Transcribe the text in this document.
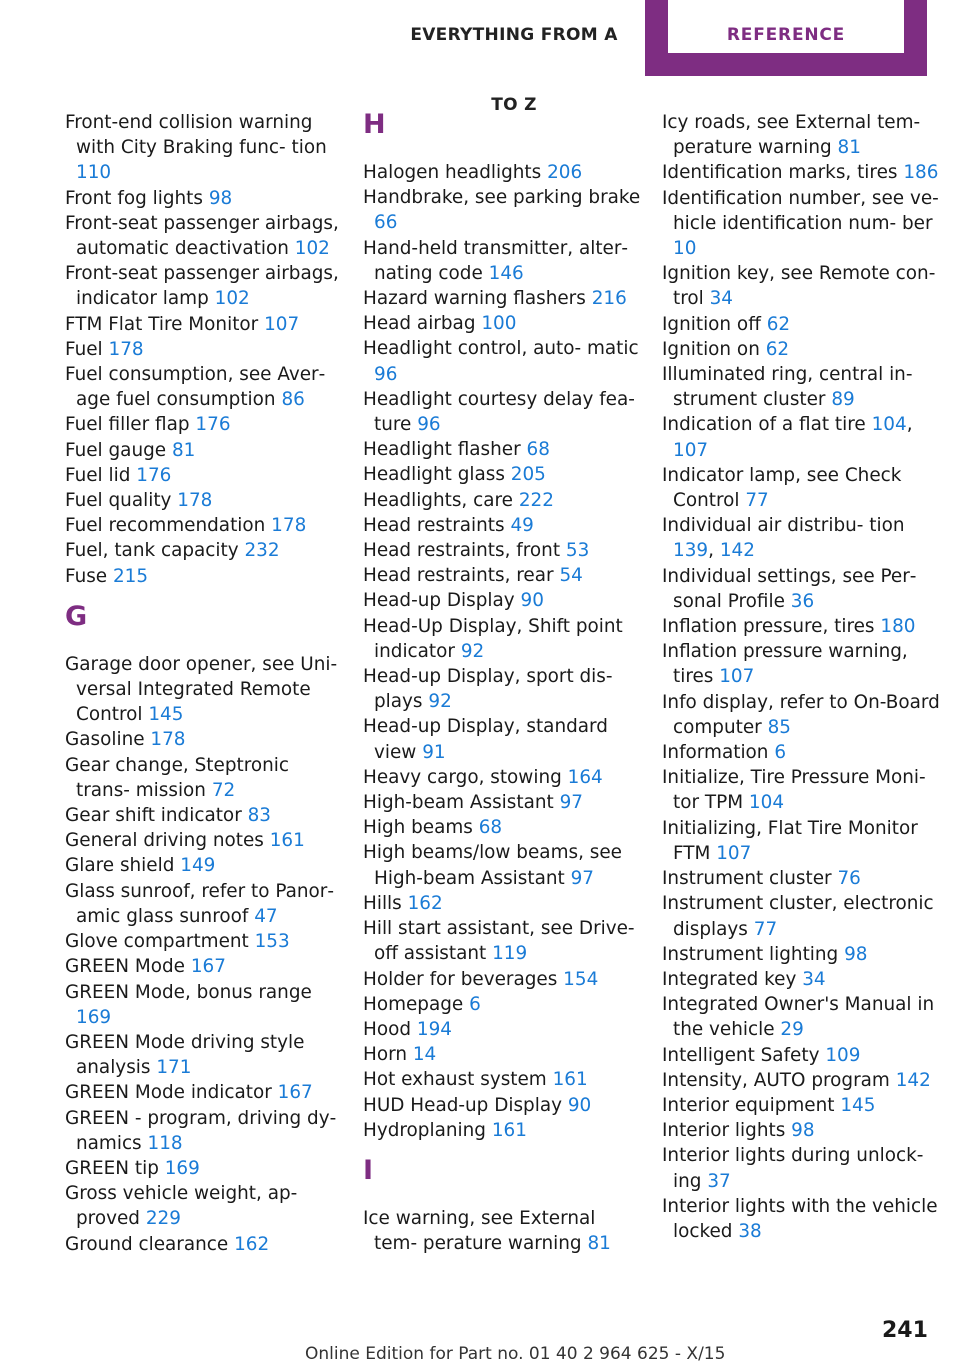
EVERYTHING FROM A TO Z
REFERENCE
Front-end collision warning with City Braking func‐ tion 110
Front fog lights 98
Front-seat passenger airbags, automatic deactivation 102
Front-seat passenger airbags, indicator lamp 102
FTM Flat Tire Monitor 107
Fuel 178
Fuel consumption, see Aver‐ age fuel consumption 86
Fuel filler flap 176
Fuel gauge 81
Fuel lid 176
Fuel quality 178
Fuel recommendation 178
Fuel, tank capacity 232
Fuse 215
G
Garage door opener, see Uni‐ versal Integrated Remote Control 145
Gasoline 178
Gear change, Steptronic trans‐ mission 72
Gear shift indicator 83
General driving notes 161
Glare shield 149
Glass sunroof, refer to Panor‐ amic glass sunroof 47
Glove compartment 153
GREEN Mode 167
GREEN Mode, bonus range 169
GREEN Mode driving style analysis 171
GREEN Mode indicator 167
GREEN - program, driving dy‐ namics 118
GREEN tip 169
Gross vehicle weight, ap‐ proved 229
Ground clearance 162
H
Halogen headlights 206
Handbrake, see parking brake 66
Hand-held transmitter, alter‐ nating code 146
Hazard warning flashers 216
Head airbag 100
Headlight control, auto‐ matic 96
Headlight courtesy delay fea‐ ture 96
Headlight flasher 68
Headlight glass 205
Headlights, care 222
Head restraints 49
Head restraints, front 53
Head restraints, rear 54
Head-up Display 90
Head-Up Display, Shift point indicator 92
Head-up Display, sport dis‐ plays 92
Head-up Display, standard view 91
Heavy cargo, stowing 164
High-beam Assistant 97
High beams 68
High beams/low beams, see High-beam Assistant 97
Hills 162
Hill start assistant, see Drive- off assistant 119
Holder for beverages 154
Homepage 6
Hood 194
Horn 14
Hot exhaust system 161
HUD Head-up Display 90
Hydroplaning 161
I
Ice warning, see External tem‐ perature warning 81
Icy roads, see External tem‐ perature warning 81
Identification marks, tires 186
Identification number, see ve‐ hicle identification num‐ ber 10
Ignition key, see Remote con‐ trol 34
Ignition off 62
Ignition on 62
Illuminated ring, central in‐ strument cluster 89
Indication of a flat tire 104, 107
Indicator lamp, see Check Control 77
Individual air distribu‐ tion 139, 142
Individual settings, see Per‐ sonal Profile 36
Inflation pressure, tires 180
Inflation pressure warning, tires 107
Info display, refer to On-Board computer 85
Information 6
Initialize, Tire Pressure Moni‐ tor TPM 104
Initializing, Flat Tire Monitor FTM 107
Instrument cluster 76
Instrument cluster, electronic displays 77
Instrument lighting 98
Integrated key 34
Integrated Owner's Manual in the vehicle 29
Intelligent Safety 109
Intensity, AUTO program 142
Interior equipment 145
Interior lights 98
Interior lights during unlock‐ ing 37
Interior lights with the vehicle locked 38
241
Online Edition for Part no. 01 40 2 964 625 - X/15
